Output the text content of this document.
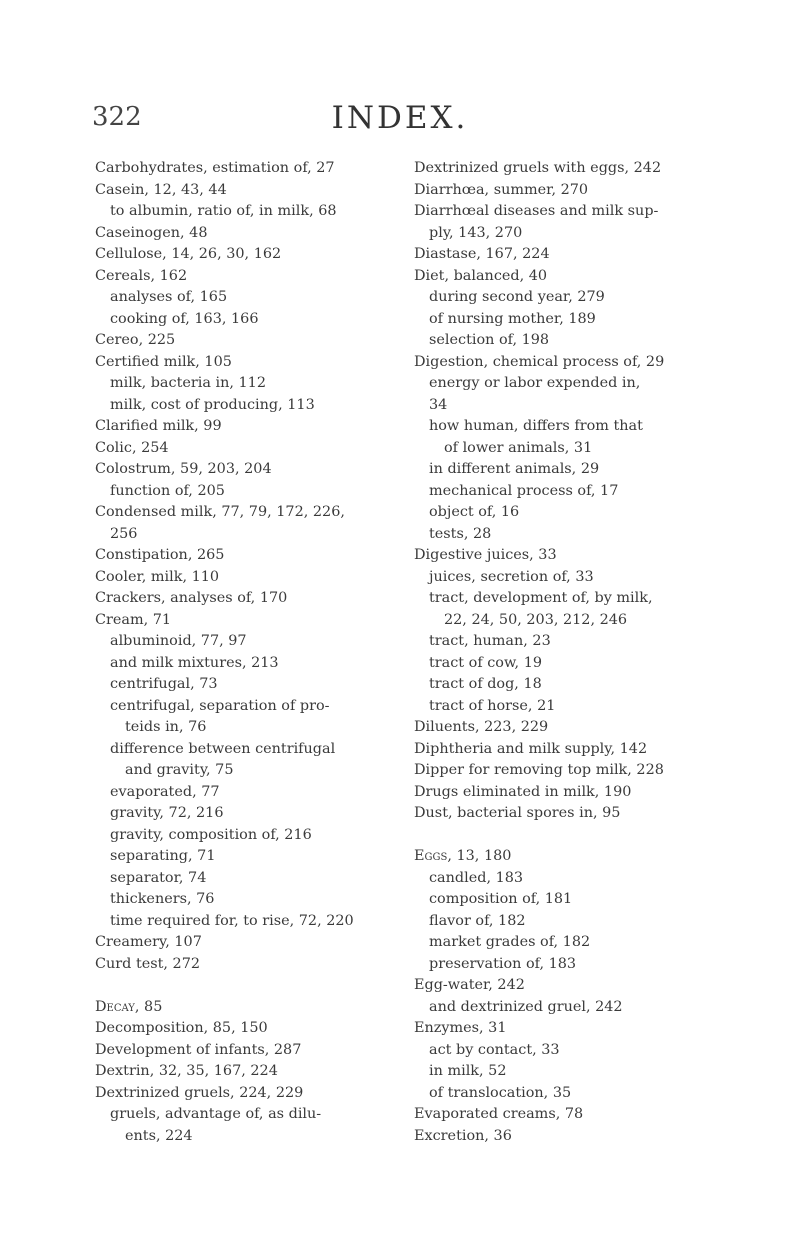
322	INDEX.
Carbohydrates, estimation of, 27
Casein, 12, 43, 44
to albumin, ratio of, in milk, 68
Caseinogen, 48
Cellulose, 14, 26, 30, 162
Cereals, 162
analyses of, 165
cooking of, 163, 166
Cereo, 225
Certified milk, 105
milk, bacteria in, 112
milk, cost of producing, 113
Clarified milk, 99
Colic, 254
Colostrum, 59, 203, 204
function of, 205
Condensed milk, 77, 79, 172, 226,
256
Constipation, 265
Cooler, milk, 110
Crackers, analyses of, 170
Cream, 71
albuminoid, 77, 97
and milk mixtures, 213
centrifugal, 73
centrifugal, separation of pro-
teids in, 76
difference between centrifugal
and gravity, 75
evaporated, 77
gravity, 72, 216
gravity, composition of, 216
separating, 71
separator, 74
thickeners, 76
time required for, to rise, 72, 220
Creamery, 107
Curd test, 272
Decay, 85
Decomposition, 85, 150
Development of infants, 287
Dextrin, 32, 35, 167, 224
Dextrinized gruels, 224, 229
gruels, advantage of, as dilu-
ents, 224
Dextrinized gruels with eggs, 242
Diarrhœa, summer, 270
Diarrhœal diseases and milk sup-
ply, 143, 270
Diastase, 167, 224
Diet, balanced, 40
during second year, 279
of nursing mother, 189
selection of, 198
Digestion, chemical process of, 29
energy or labor expended in,
34
how human, differs from that
of lower animals, 31
in different animals, 29
mechanical process of, 17
object of, 16
tests, 28
Digestive juices, 33
juices, secretion of, 33
tract, development of, by milk,
22, 24, 50, 203, 212, 246
tract, human, 23
tract of cow, 19
tract of dog, 18
tract of horse, 21
Diluents, 223, 229
Diphtheria and milk supply, 142
Dipper for removing top milk, 228
Drugs eliminated in milk, 190
Dust, bacterial spores in, 95
Eggs, 13, 180
candled, 183
composition of, 181
flavor of, 182
market grades of, 182
preservation of, 183
Egg-water, 242
and dextrinized gruel, 242
Enzymes, 31
act by contact, 33
in milk, 52
of translocation, 35
Evaporated creams, 78
Excretion, 36
